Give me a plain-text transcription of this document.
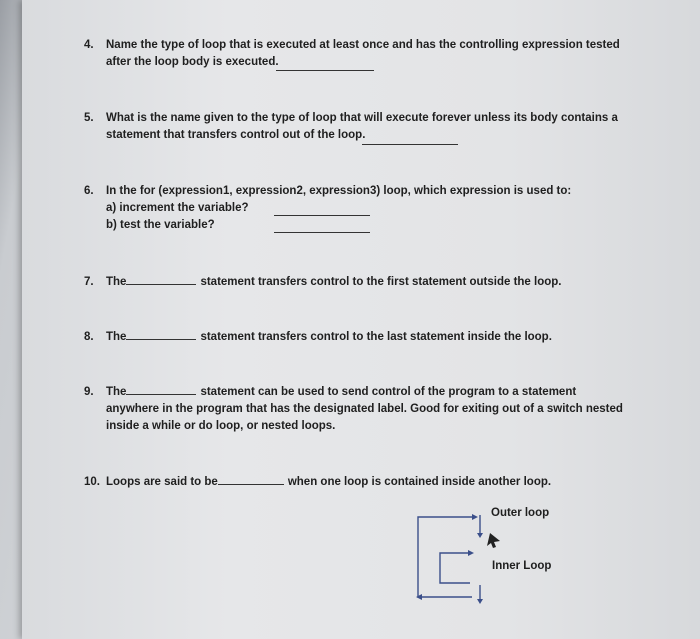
4. Name the type of loop that is executed at least once and has the controlling expression tested
after the loop body is executed.
5. What is the name given to the type of loop that will execute forever unless its body contains a
statement that transfers control out of the loop.
6. In the for (expression1, expression2, expression3) loop, which expression is used to:
a) increment the variable?
b) test the variable?
7. The	statement transfers control to the first statement outside the loop.
8. The	statement transfers control to the last statement inside the loop.
9. The	statement can be used to send control of the program to a statement
anywhere in the program that has the designated label. Good for exiting out of a switch nested
inside a while or do loop, or nested loops.
10. Loops are said to be	when one loop is contained inside another loop.
Outer loop
Inner Loop
